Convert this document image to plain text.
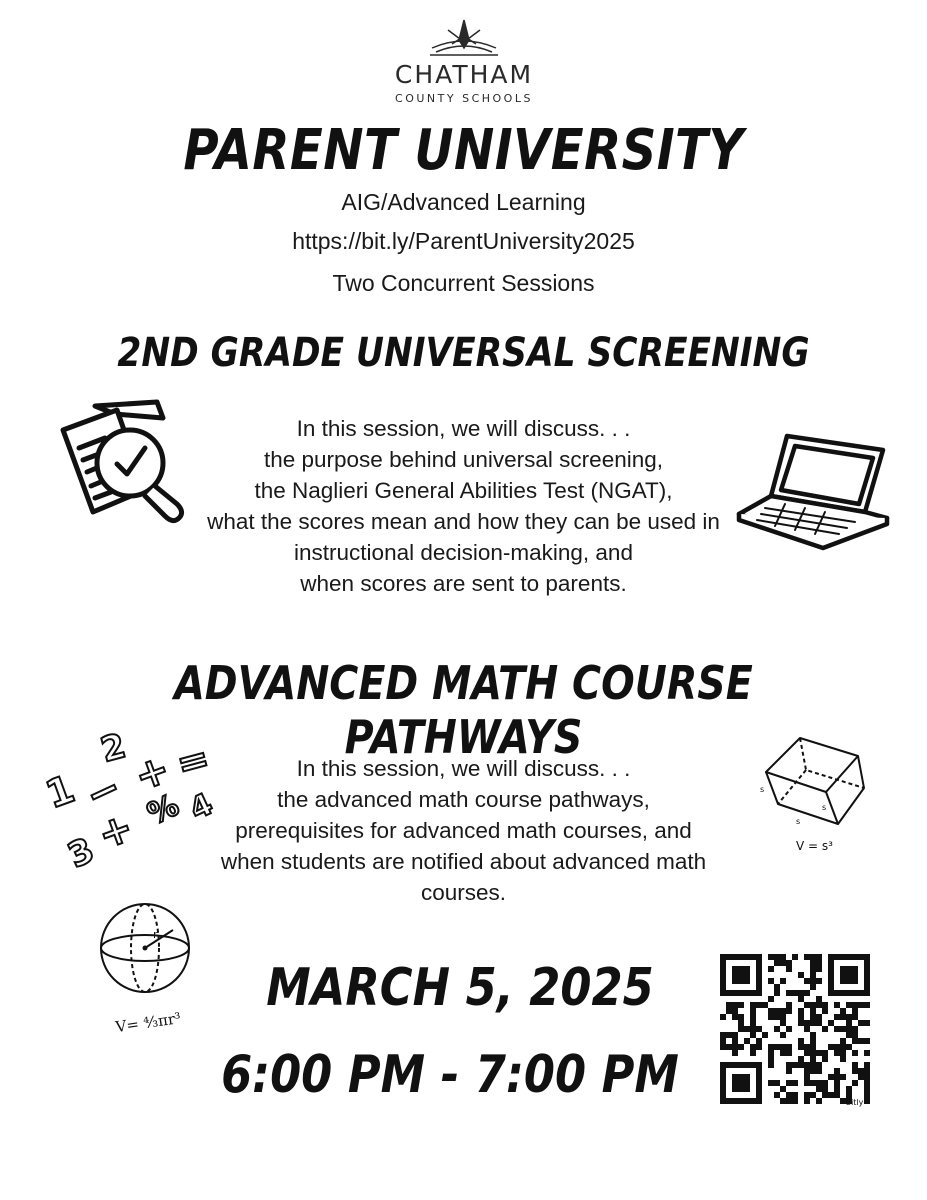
CHATHAM
COUNTY SCHOOLS
PARENT UNIVERSITY
AIG/Advanced Learning
https://bit.ly/ParentUniversity2025
Two Concurrent Sessions
2ND GRADE UNIVERSAL SCREENING
In this session, we will discuss. . .
the purpose behind universal screening,
the Naglieri General Abilities Test (NGAT),
what the scores mean and how they can be used in
instructional decision-making, and
when scores are sent to parents.
ADVANCED MATH COURSE PATHWAYS
1
2
3
4
− +
=
%
+
s
s
s
V = s³
In this session, we will discuss. . .
the advanced math course pathways,
prerequisites for advanced math courses, and
when students are notified about advanced math
courses.
r
V= ⁴⁄₃πr³
MARCH 5, 2025
6:00 PM - 7:00 PM	bitly
